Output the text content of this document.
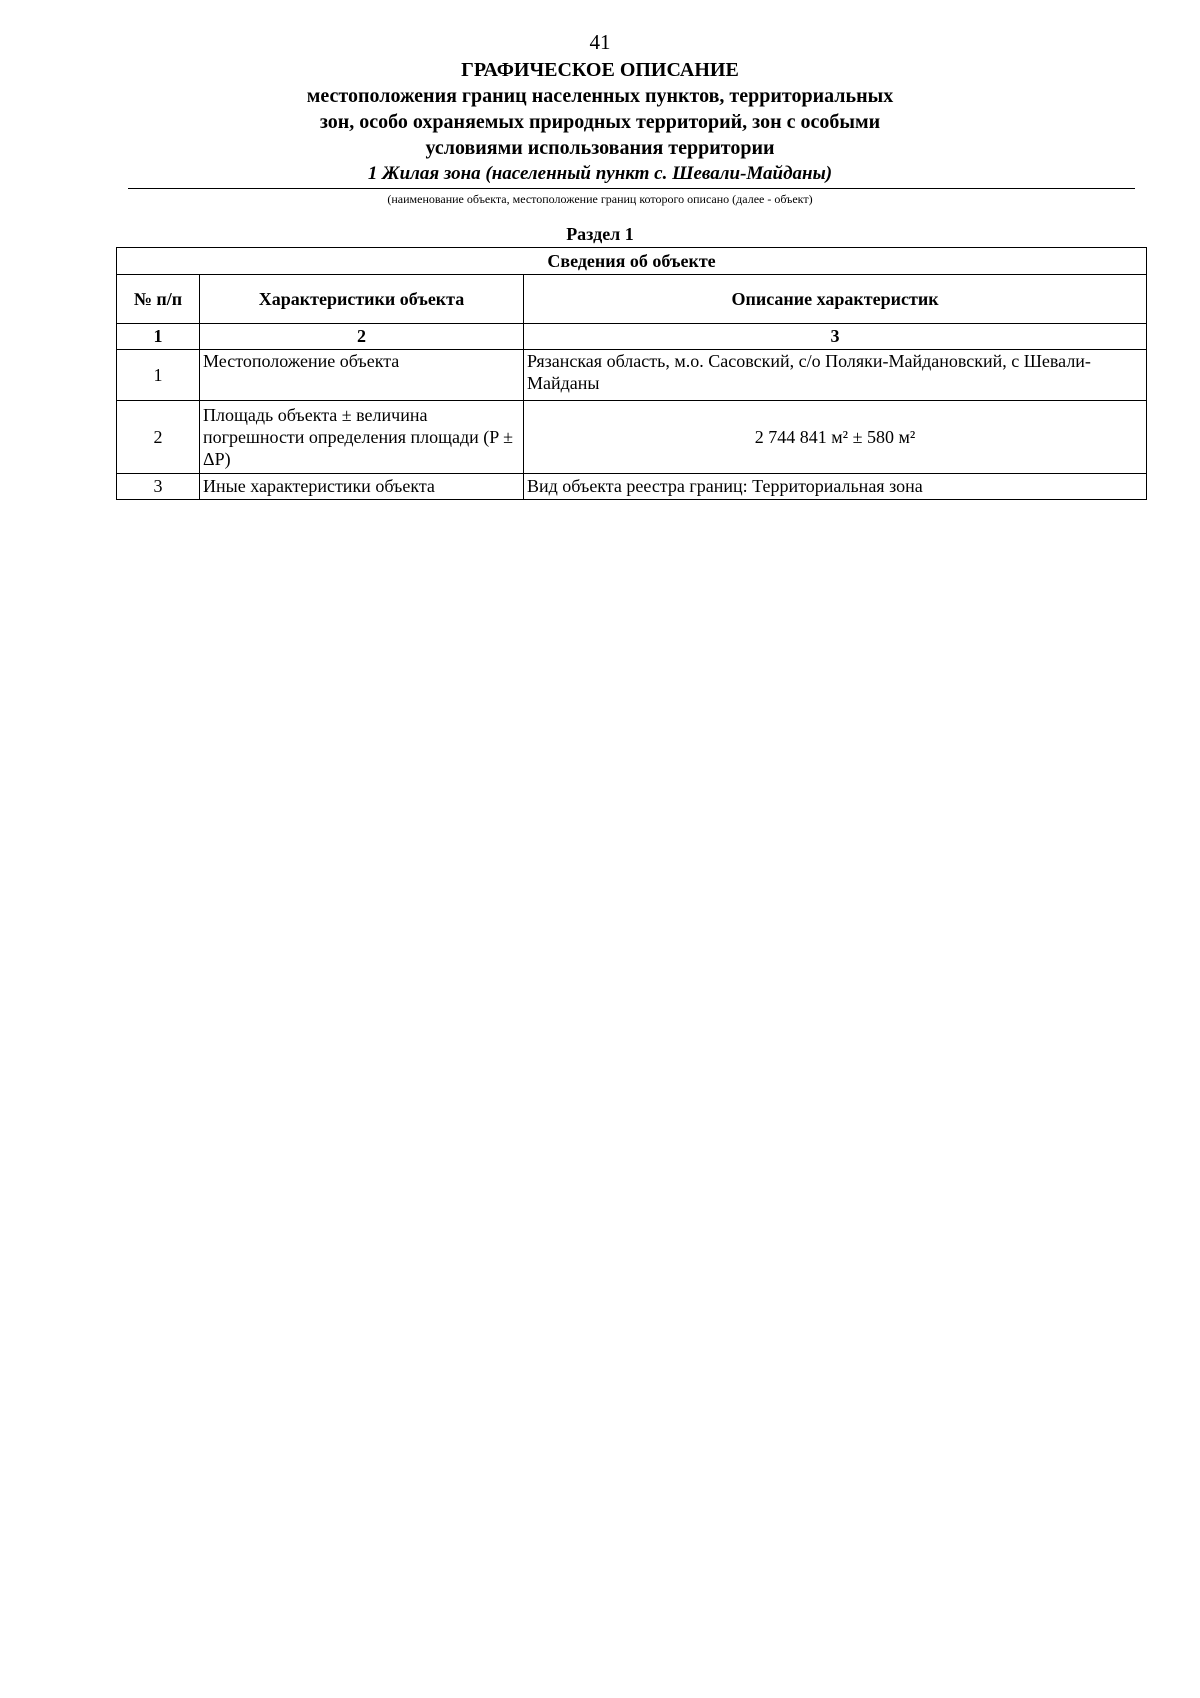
41
ГРАФИЧЕСКОЕ ОПИСАНИЕ
местоположения границ населенных пунктов, территориальных
зон, особо охраняемых природных территорий, зон с особыми
условиями использования территории
1 Жилая зона (населенный пункт с. Шевали-Майданы)
(наименование объекта, местоположение границ которого описано (далее - объект)
Раздел 1
Сведения об объекте		
№ п/п	Характеристики объекта	Описание характеристик
1	2	3
1	Местоположение объекта	Рязанская область, м.о. Сасовский, с/о Поляки-Майдановский, с Шевали-Майданы
2	Площадь объекта ± величина погрешности определения площади (P ± ΔP)	2 744 841 м² ± 580 м²
3	Иные характеристики объекта	Вид объекта реестра границ: Территориальная зона
